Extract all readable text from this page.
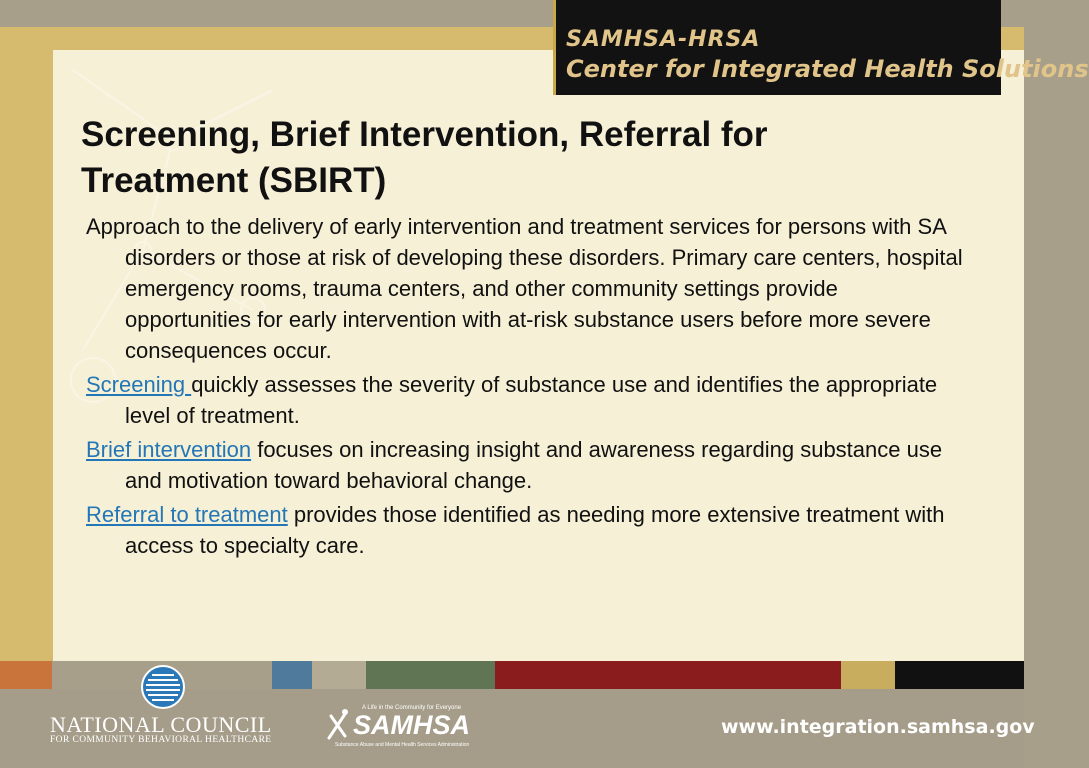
SAMHSA-HRSA
Center for Integrated Health Solutions
Screening, Brief Intervention, Referral for Treatment (SBIRT)

Approach to the delivery of early intervention and treatment services for persons with SA disorders or those at risk of developing these disorders. Primary care centers, hospital emergency rooms, trauma centers, and other community settings provide opportunities for early intervention with at-risk substance users before more severe consequences occur.

Screening quickly assesses the severity of substance use and identifies the appropriate level of treatment.

Brief intervention focuses on increasing insight and awareness regarding substance use and motivation toward behavioral change.

Referral to treatment provides those identified as needing more extensive treatment with access to specialty care.

NATIONAL COUNCIL
FOR COMMUNITY BEHAVIORAL HEALTHCARE
A Life in the Community for Everyone
SAMHSA
Substance Abuse and Mental Health Services Administration
www.integration.samhsa.gov
